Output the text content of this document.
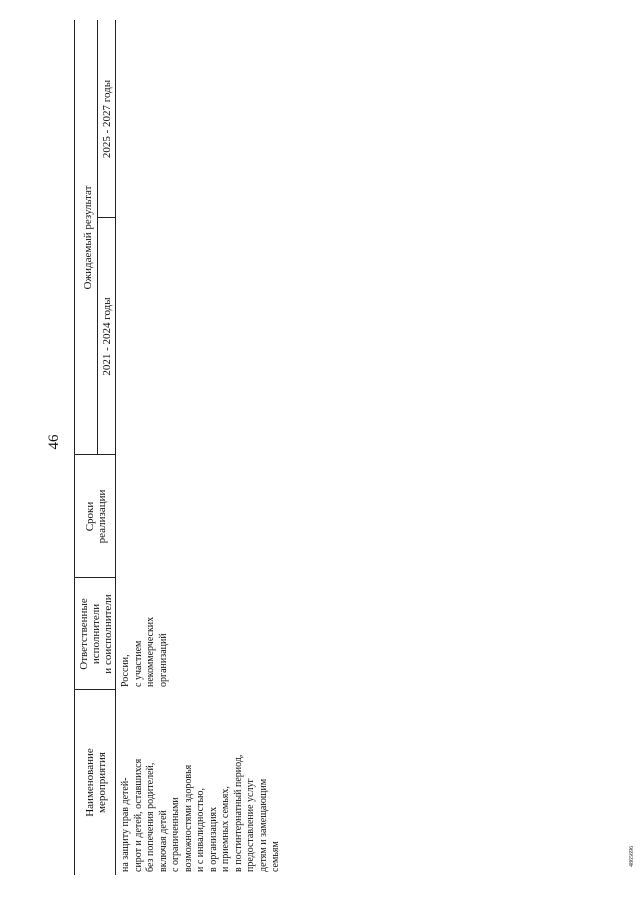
46
Наименование
мероприятия
Ответственные
исполнители
и соисполнители
Сроки
реализации
Ожидаемый результат
2021 - 2024 годы
2025 - 2027 годы
на защиту прав детей-
сирот и детей, оставшихся
без попечения родителей,
включая детей
с ограниченными
возможностями здоровья
и с инвалидностью,
в организациях
и приемных семьях,
в постинтернатный период,
предоставление услуг
детям и замещающим
семьям
России,
с участием
некоммерческих
организаций
4865696
